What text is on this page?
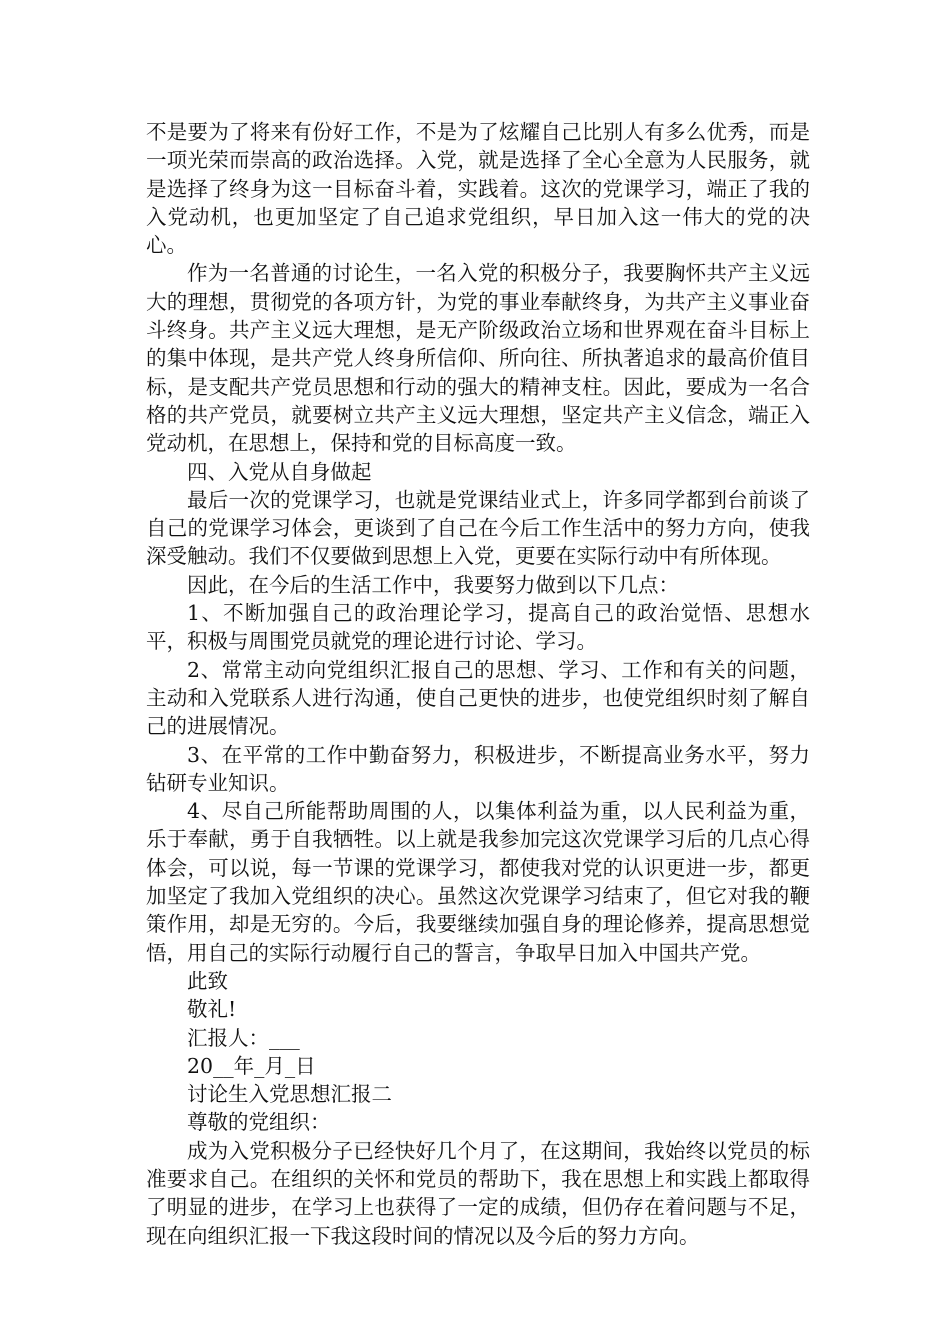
不是要为了将来有份好工作，不是为了炫耀自己比别人有多么优秀，而是一项光荣而崇高的政治选择。入党，就是选择了全心全意为人民服务，就是选择了终身为这一目标奋斗着，实践着。这次的党课学习，端正了我的入党动机，也更加坚定了自己追求党组织，早日加入这一伟大的党的决心。

作为一名普通的讨论生，一名入党的积极分子，我要胸怀共产主义远大的理想，贯彻党的各项方针，为党的事业奉献终身，为共产主义事业奋斗终身。共产主义远大理想，是无产阶级政治立场和世界观在奋斗目标上的集中体现，是共产党人终身所信仰、所向往、所执著追求的最高价值目标，是支配共产党员思想和行动的强大的精神支柱。因此，要成为一名合格的共产党员，就要树立共产主义远大理想，坚定共产主义信念，端正入党动机，在思想上，保持和党的目标高度一致。

四、入党从自身做起

最后一次的党课学习，也就是党课结业式上，许多同学都到台前谈了自己的党课学习体会，更谈到了自己在今后工作生活中的努力方向，使我深受触动。我们不仅要做到思想上入党，更要在实际行动中有所体现。

因此，在今后的生活工作中，我要努力做到以下几点：

1、不断加强自己的政治理论学习，提高自己的政治觉悟、思想水平，积极与周围党员就党的理论进行讨论、学习。

2、常常主动向党组织汇报自己的思想、学习、工作和有关的问题，主动和入党联系人进行沟通，使自己更快的进步，也使党组织时刻了解自己的进展情况。

3、在平常的工作中勤奋努力，积极进步，不断提高业务水平，努力钻研专业知识。

4、尽自己所能帮助周围的人，以集体利益为重，以人民利益为重，乐于奉献，勇于自我牺牲。以上就是我参加完这次党课学习后的几点心得体会，可以说，每一节课的党课学习，都使我对党的认识更进一步，都更加坚定了我加入党组织的决心。虽然这次党课学习结束了，但它对我的鞭策作用，却是无穷的。今后，我要继续加强自身的理论修养，提高思想觉悟，用自己的实际行动履行自己的誓言，争取早日加入中国共产党。

此致

敬礼!

汇报人：___

20__年_月_日

讨论生入党思想汇报二

尊敬的党组织：

成为入党积极分子已经快好几个月了，在这期间，我始终以党员的标准要求自己。在组织的关怀和党员的帮助下，我在思想上和实践上都取得了明显的进步，在学习上也获得了一定的成绩，但仍存在着问题与不足，现在向组织汇报一下我这段时间的情况以及今后的努力方向。
